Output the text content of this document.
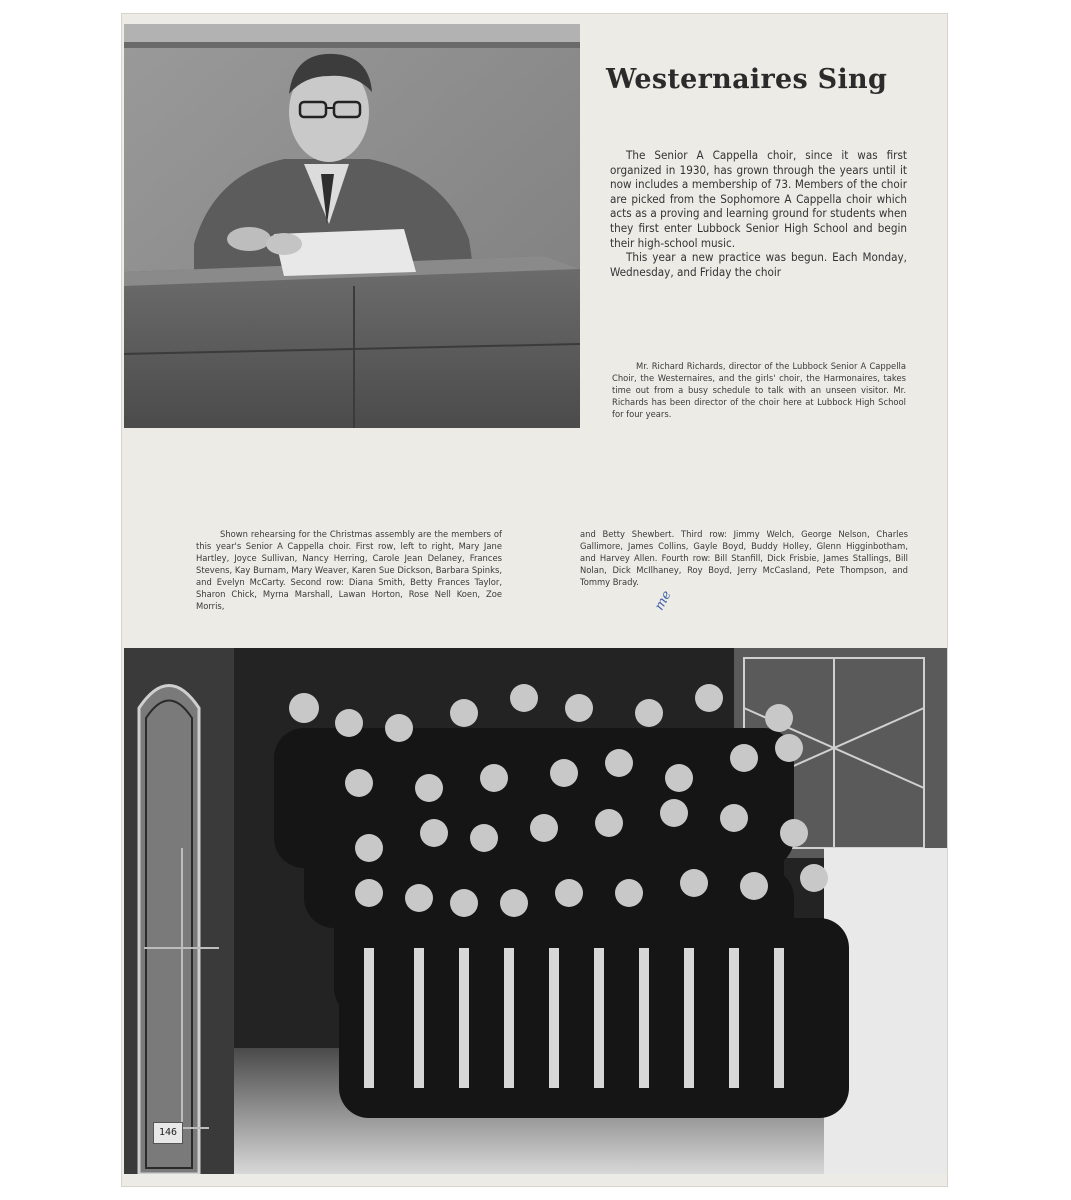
Westernaires Sing

The Senior A Cappella choir, since it was first organized in 1930, has grown through the years until it now includes a membership of 73. Members of the choir are picked from the Sophomore A Cappella choir which acts as a proving and learning ground for students when they first enter Lubbock Senior High School and begin their high-school music.

This year a new practice was begun. Each Monday, Wednesday, and Friday the choir

Mr. Richard Richards, director of the Lubbock Senior A Cappella Choir, the Westernaires, and the girls' choir, the Harmonaires, takes time out from a busy schedule to talk with an unseen visitor. Mr. Richards has been director of the choir here at Lubbock High School for four years.
Shown rehearsing for the Christmas assembly are the members of this year's Senior A Cappella choir. First row, left to right, Mary Jane Hartley, Joyce Sullivan, Nancy Herring, Carole Jean Delaney, Frances Stevens, Kay Burnam, Mary Weaver, Karen Sue Dickson, Barbara Spinks, and Evelyn McCarty. Second row: Diana Smith, Betty Frances Taylor, Sharon Chick, Myrna Marshall, Lawan Horton, Rose Nell Koen, Zoe Morris,
and Betty Shewbert. Third row: Jimmy Welch, George Nelson, Charles Gallimore, James Collins, Gayle Boyd, Buddy Holley, Glenn Higginbotham, and Harvey Allen. Fourth row: Bill Stanfill, Dick Frisbie, James Stallings, Bill Nolan, Dick McIlhaney, Roy Boyd, Jerry McCasland, Pete Thompson, and Tommy Brady.
me
146
